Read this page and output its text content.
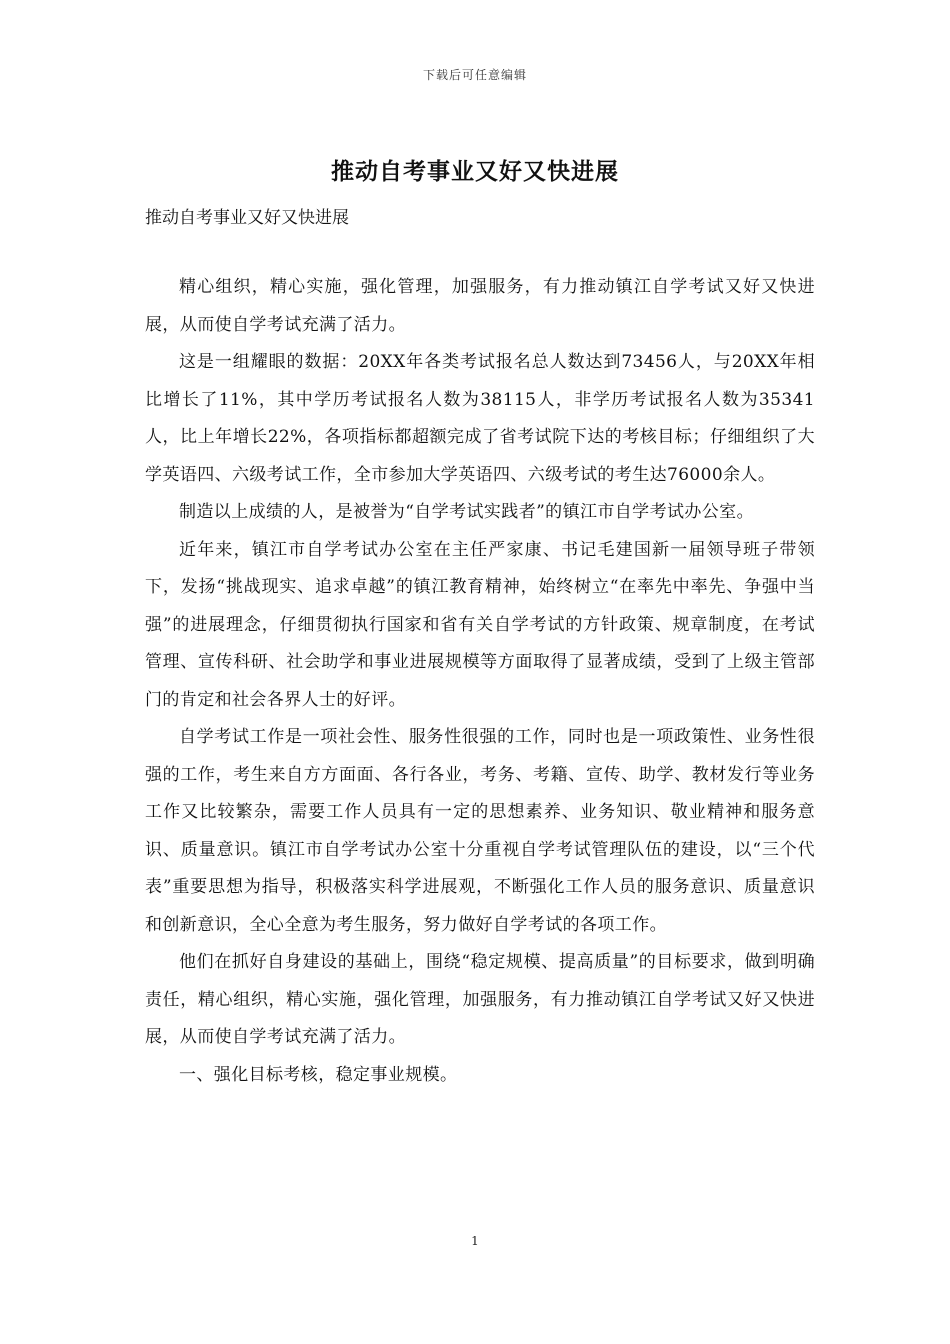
下载后可任意编辑
推动自考事业又好又快进展

推动自考事业又好又快进展

精心组织，精心实施，强化管理，加强服务，有力推动镇江自学考试又好又快进展，从而使自学考试充满了活力。

这是一组耀眼的数据：20XX年各类考试报名总人数达到73456人，与20XX年相比增长了11%，其中学历考试报名人数为38115人，非学历考试报名人数为35341人，比上年增长22%，各项指标都超额完成了省考试院下达的考核目标；仔细组织了大学英语四、六级考试工作，全市参加大学英语四、六级考试的考生达76000余人。

制造以上成绩的人，是被誉为“自学考试实践者”的镇江市自学考试办公室。

近年来，镇江市自学考试办公室在主任严家康、书记毛建国新一届领导班子带领下，发扬“挑战现实、追求卓越”的镇江教育精神，始终树立“在率先中率先、争强中当强”的进展理念，仔细贯彻执行国家和省有关自学考试的方针政策、规章制度，在考试管理、宣传科研、社会助学和事业进展规模等方面取得了显著成绩，受到了上级主管部门的肯定和社会各界人士的好评。

自学考试工作是一项社会性、服务性很强的工作，同时也是一项政策性、业务性很强的工作，考生来自方方面面、各行各业，考务、考籍、宣传、助学、教材发行等业务工作又比较繁杂，需要工作人员具有一定的思想素养、业务知识、敬业精神和服务意识、质量意识。镇江市自学考试办公室十分重视自学考试管理队伍的建设，以“三个代表”重要思想为指导，积极落实科学进展观，不断强化工作人员的服务意识、质量意识和创新意识，全心全意为考生服务，努力做好自学考试的各项工作。

他们在抓好自身建设的基础上，围绕“稳定规模、提高质量”的目标要求，做到明确责任，精心组织，精心实施，强化管理，加强服务，有力推动镇江自学考试又好又快进展，从而使自学考试充满了活力。

一、强化目标考核，稳定事业规模。

1
